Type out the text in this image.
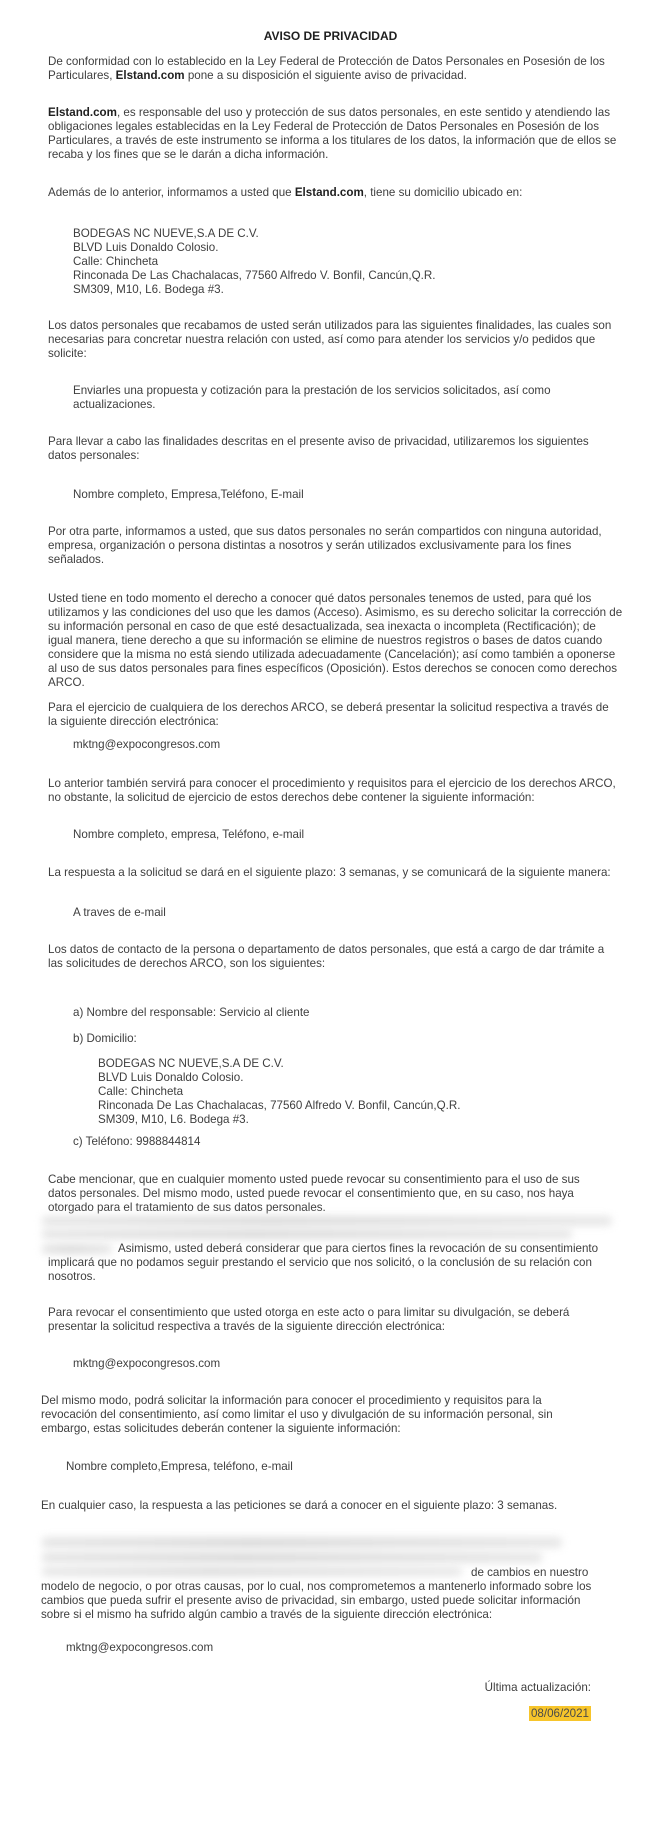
AVISO DE PRIVACIDAD
De conformidad con lo establecido en la Ley Federal de Protección de Datos Personales en Posesión de los Particulares, Elstand.com pone a su disposición el siguiente aviso de privacidad.
Elstand.com, es responsable del uso y protección de sus datos personales, en este sentido y atendiendo las obligaciones legales establecidas en la Ley Federal de Protección de Datos Personales en Posesión de los Particulares, a través de este instrumento se informa a los titulares de los datos, la información que de ellos se recaba y los fines que se le darán a dicha información.
Además de lo anterior, informamos a usted que Elstand.com, tiene su domicilio ubicado en:
BODEGAS NC NUEVE,S.A DE C.V.
BLVD Luis Donaldo Colosio.
Calle: Chincheta
Rinconada De Las Chachalacas, 77560 Alfredo V. Bonfil, Cancún,Q.R.
SM309, M10, L6. Bodega #3.
Los datos personales que recabamos de usted serán utilizados para las siguientes finalidades, las cuales son necesarias para concretar nuestra relación con usted, así como para atender los servicios y/o pedidos que solicite:
Enviarles una propuesta y cotización para la prestación de los servicios solicitados, así como actualizaciones.
Para llevar a cabo las finalidades descritas en el presente aviso de privacidad, utilizaremos los siguientes datos personales:
Nombre completo, Empresa,Teléfono, E-mail
Por otra parte, informamos a usted, que sus datos personales no serán compartidos con ninguna autoridad, empresa, organización o persona distintas a nosotros y serán utilizados exclusivamente para los fines señalados.
Usted tiene en todo momento el derecho a conocer qué datos personales tenemos de usted, para qué los utilizamos y las condiciones del uso que les damos (Acceso). Asimismo, es su derecho solicitar la corrección de su información personal en caso de que esté desactualizada, sea inexacta o incompleta (Rectificación); de igual manera, tiene derecho a que su información se elimine de nuestros registros o bases de datos cuando considere que la misma no está siendo utilizada adecuadamente (Cancelación); así como también a oponerse al uso de sus datos personales para fines específicos (Oposición). Estos derechos se conocen como derechos ARCO.
Para el ejercicio de cualquiera de los derechos ARCO, se deberá presentar la solicitud respectiva a través de la siguiente dirección electrónica:
mktng@expocongresos.com
Lo anterior también servirá para conocer el procedimiento y requisitos para el ejercicio de los derechos ARCO, no obstante, la solicitud de ejercicio de estos derechos debe contener la siguiente información:
Nombre completo, empresa, Teléfono, e-mail
La respuesta a la solicitud se dará en el siguiente plazo: 3 semanas, y se comunicará de la siguiente manera:
A traves de e-mail
Los datos de contacto de la persona o departamento de datos personales, que está a cargo de dar trámite a las solicitudes de derechos ARCO, son los siguientes:
a) Nombre del responsable: Servicio al cliente
b) Domicilio:
BODEGAS NC NUEVE,S.A DE C.V.
BLVD Luis Donaldo Colosio.
Calle: Chincheta
Rinconada De Las Chachalacas, 77560 Alfredo V. Bonfil, Cancún,Q.R.
SM309, M10, L6. Bodega #3.
c) Teléfono: 9988844814
Cabe mencionar, que en cualquier momento usted puede revocar su consentimiento para el uso de sus datos personales. Del mismo modo, usted puede revocar el consentimiento que, en su caso, nos haya otorgado para el tratamiento de sus datos personales.
Asimismo, usted deberá considerar que para ciertos fines la revocación de su consentimiento
implicará que no podamos seguir prestando el servicio que nos solicitó, o la conclusión de su relación con nosotros.
Para revocar el consentimiento que usted otorga en este acto o para limitar su divulgación, se deberá presentar la solicitud respectiva a través de la siguiente dirección electrónica:
mktng@expocongresos.com
Del mismo modo, podrá solicitar la información para conocer el procedimiento y requisitos para la revocación del consentimiento, así como limitar el uso y divulgación de su información personal, sin embargo, estas solicitudes deberán contener la siguiente información:
Nombre completo,Empresa, teléfono, e-mail
En cualquier caso, la respuesta a las peticiones se dará a conocer en el siguiente plazo: 3 semanas.
de cambios en nuestro
modelo de negocio, o por otras causas, por lo cual, nos comprometemos a mantenerlo informado sobre los cambios que pueda sufrir el presente aviso de privacidad, sin embargo, usted puede solicitar información sobre si el mismo ha sufrido algún cambio a través de la siguiente dirección electrónica:
mktng@expocongresos.com
Última actualización:
08/06/2021
